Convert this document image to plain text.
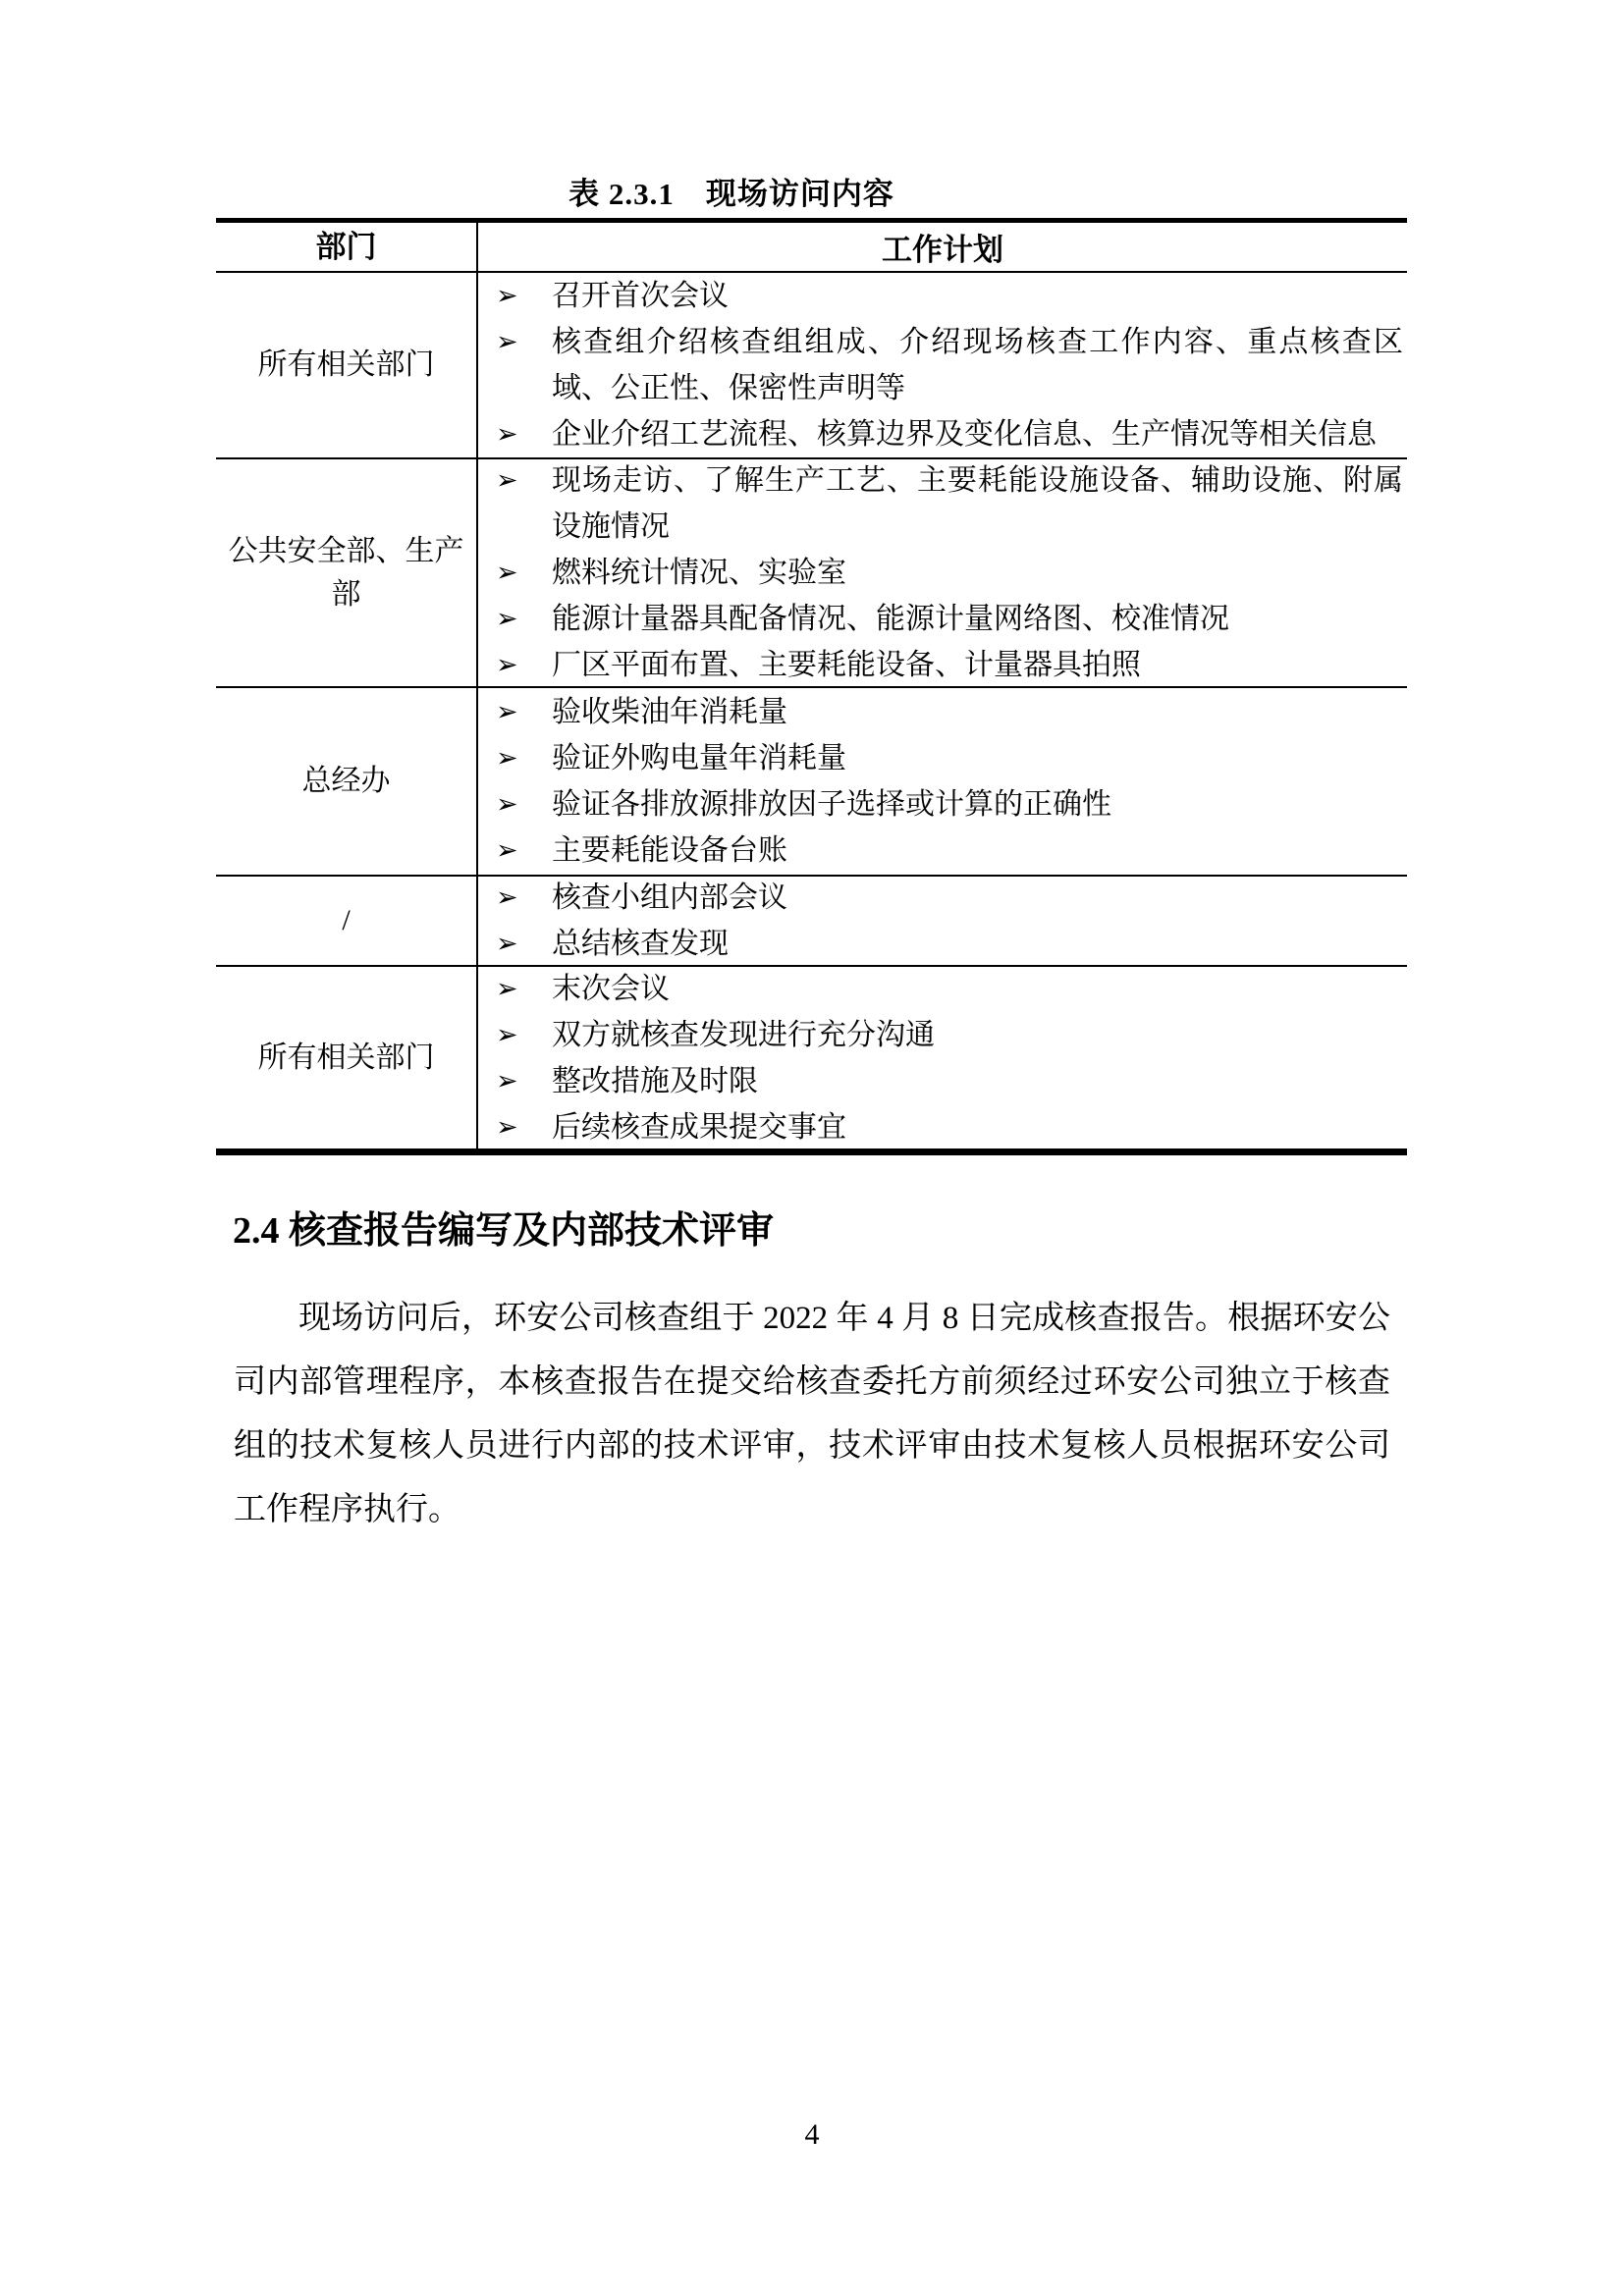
表 2.3.1　现场访问内容
部门	工作计划
所有相关部门
➢ 召开首次会议
➢ 核查组介绍核查组组成、介绍现场核查工作内容、重点核查区域、公正性、保密性声明等
➢ 企业介绍工艺流程、核算边界及变化信息、生产情况等相关信息
公共安全部、生产部
➢ 现场走访、了解生产工艺、主要耗能设施设备、辅助设施、附属设施情况
➢ 燃料统计情况、实验室
➢ 能源计量器具配备情况、能源计量网络图、校准情况
➢ 厂区平面布置、主要耗能设备、计量器具拍照
总经办
➢ 验收柴油年消耗量
➢ 验证外购电量年消耗量
➢ 验证各排放源排放因子选择或计算的正确性
➢ 主要耗能设备台账
/
➢ 核查小组内部会议
➢ 总结核查发现
所有相关部门
➢ 末次会议
➢ 双方就核查发现进行充分沟通
➢ 整改措施及时限
➢ 后续核查成果提交事宜
2.4 核查报告编写及内部技术评审
现场访问后，环安公司核查组于 2022 年 4 月 8 日完成核查报告。根据环安公
司内部管理程序，本核查报告在提交给核查委托方前须经过环安公司独立于核查
组的技术复核人员进行内部的技术评审，技术评审由技术复核人员根据环安公司
工作程序执行。
4
